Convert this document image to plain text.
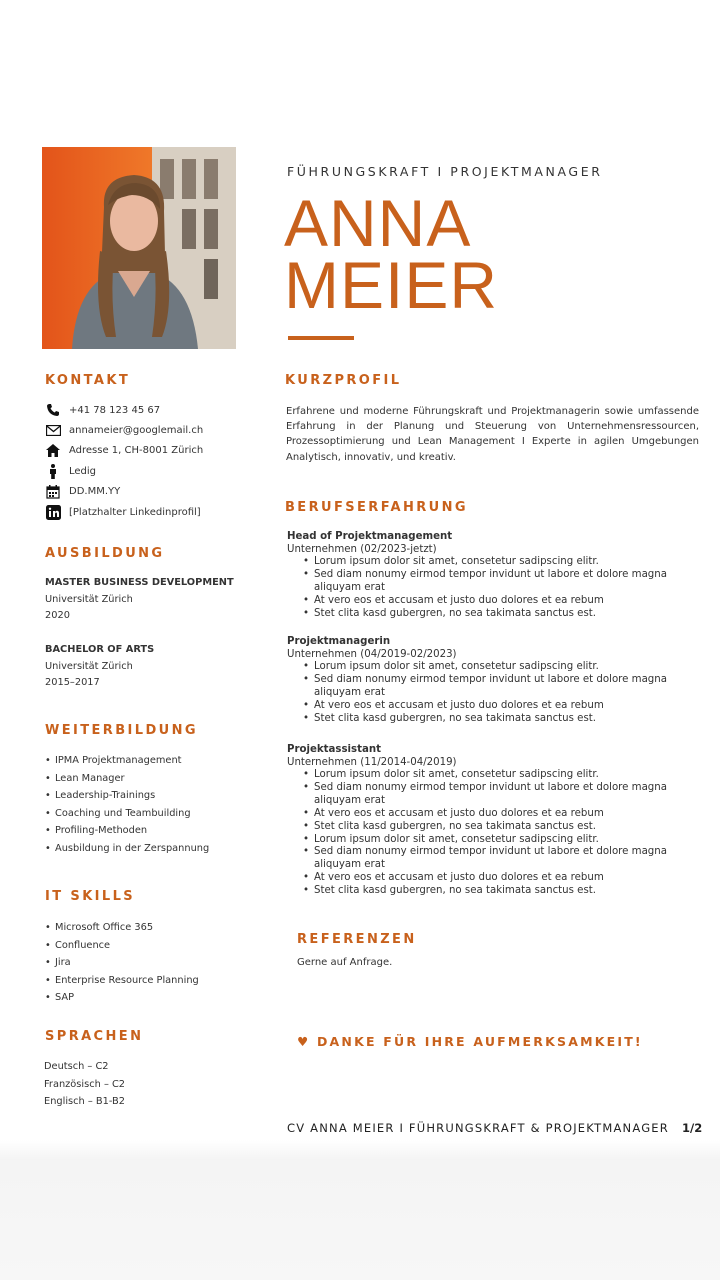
FÜHRUNGSKRAFT I PROJEKTMANAGER
ANNA
MEIER
KONTAKT
+41 78 123 45 67
annameier@googlemail.ch
Adresse 1, CH-8001 Zürich
Ledig
DD.MM.YY
[Platzhalter Linkedinprofil]
AUSBILDUNG
MASTER BUSINESS DEVELOPMENT
Universität Zürich
2020
BACHELOR OF ARTS
Universität Zürich
2015–2017
WEITERBILDUNG
• IPMA Projektmanagement
• Lean Manager
• Leadership-Trainings
• Coaching und Teambuilding
• Profiling-Methoden
• Ausbildung in der Zerspannung
IT SKILLS
• Microsoft Office 365
• Confluence
• Jira
• Enterprise Resource Planning
• SAP
SPRACHEN
Deutsch – C2
Französisch – C2
Englisch – B1-B2
KURZPROFIL
Erfahrene und moderne Führungskraft und Projektmanagerin sowie umfassende Erfahrung in der Planung und Steuerung von Unternehmensressourcen, Prozessoptimierung und Lean Management I Experte in agilen Umgebungen Analytisch, innovativ, und kreativ.
BERUFSERFAHRUNG
Head of Projektmanagement
Unternehmen (02/2023-jetzt)
• Lorum ipsum dolor sit amet, consetetur sadipscing elitr.
• Sed diam nonumy eirmod tempor invidunt ut labore et dolore magna aliquyam erat
• At vero eos et accusam et justo duo dolores et ea rebum
• Stet clita kasd gubergren, no sea takimata sanctus est.
Projektmanagerin
Unternehmen (04/2019-02/2023)
• Lorum ipsum dolor sit amet, consetetur sadipscing elitr.
• Sed diam nonumy eirmod tempor invidunt ut labore et dolore magna aliquyam erat
• At vero eos et accusam et justo duo dolores et ea rebum
• Stet clita kasd gubergren, no sea takimata sanctus est.
Projektassistant
Unternehmen (11/2014-04/2019)
• Lorum ipsum dolor sit amet, consetetur sadipscing elitr.
• Sed diam nonumy eirmod tempor invidunt ut labore et dolore magna aliquyam erat
• At vero eos et accusam et justo duo dolores et ea rebum
• Stet clita kasd gubergren, no sea takimata sanctus est.
• Lorum ipsum dolor sit amet, consetetur sadipscing elitr.
• Sed diam nonumy eirmod tempor invidunt ut labore et dolore magna aliquyam erat
• At vero eos et accusam et justo duo dolores et ea rebum
• Stet clita kasd gubergren, no sea takimata sanctus est.
REFERENZEN
Gerne auf Anfrage.
♥ DANKE FÜR IHRE AUFMERKSAMKEIT!
CV ANNA MEIER I FÜHRUNGSKRAFT & PROJEKTMANAGER 1/2
